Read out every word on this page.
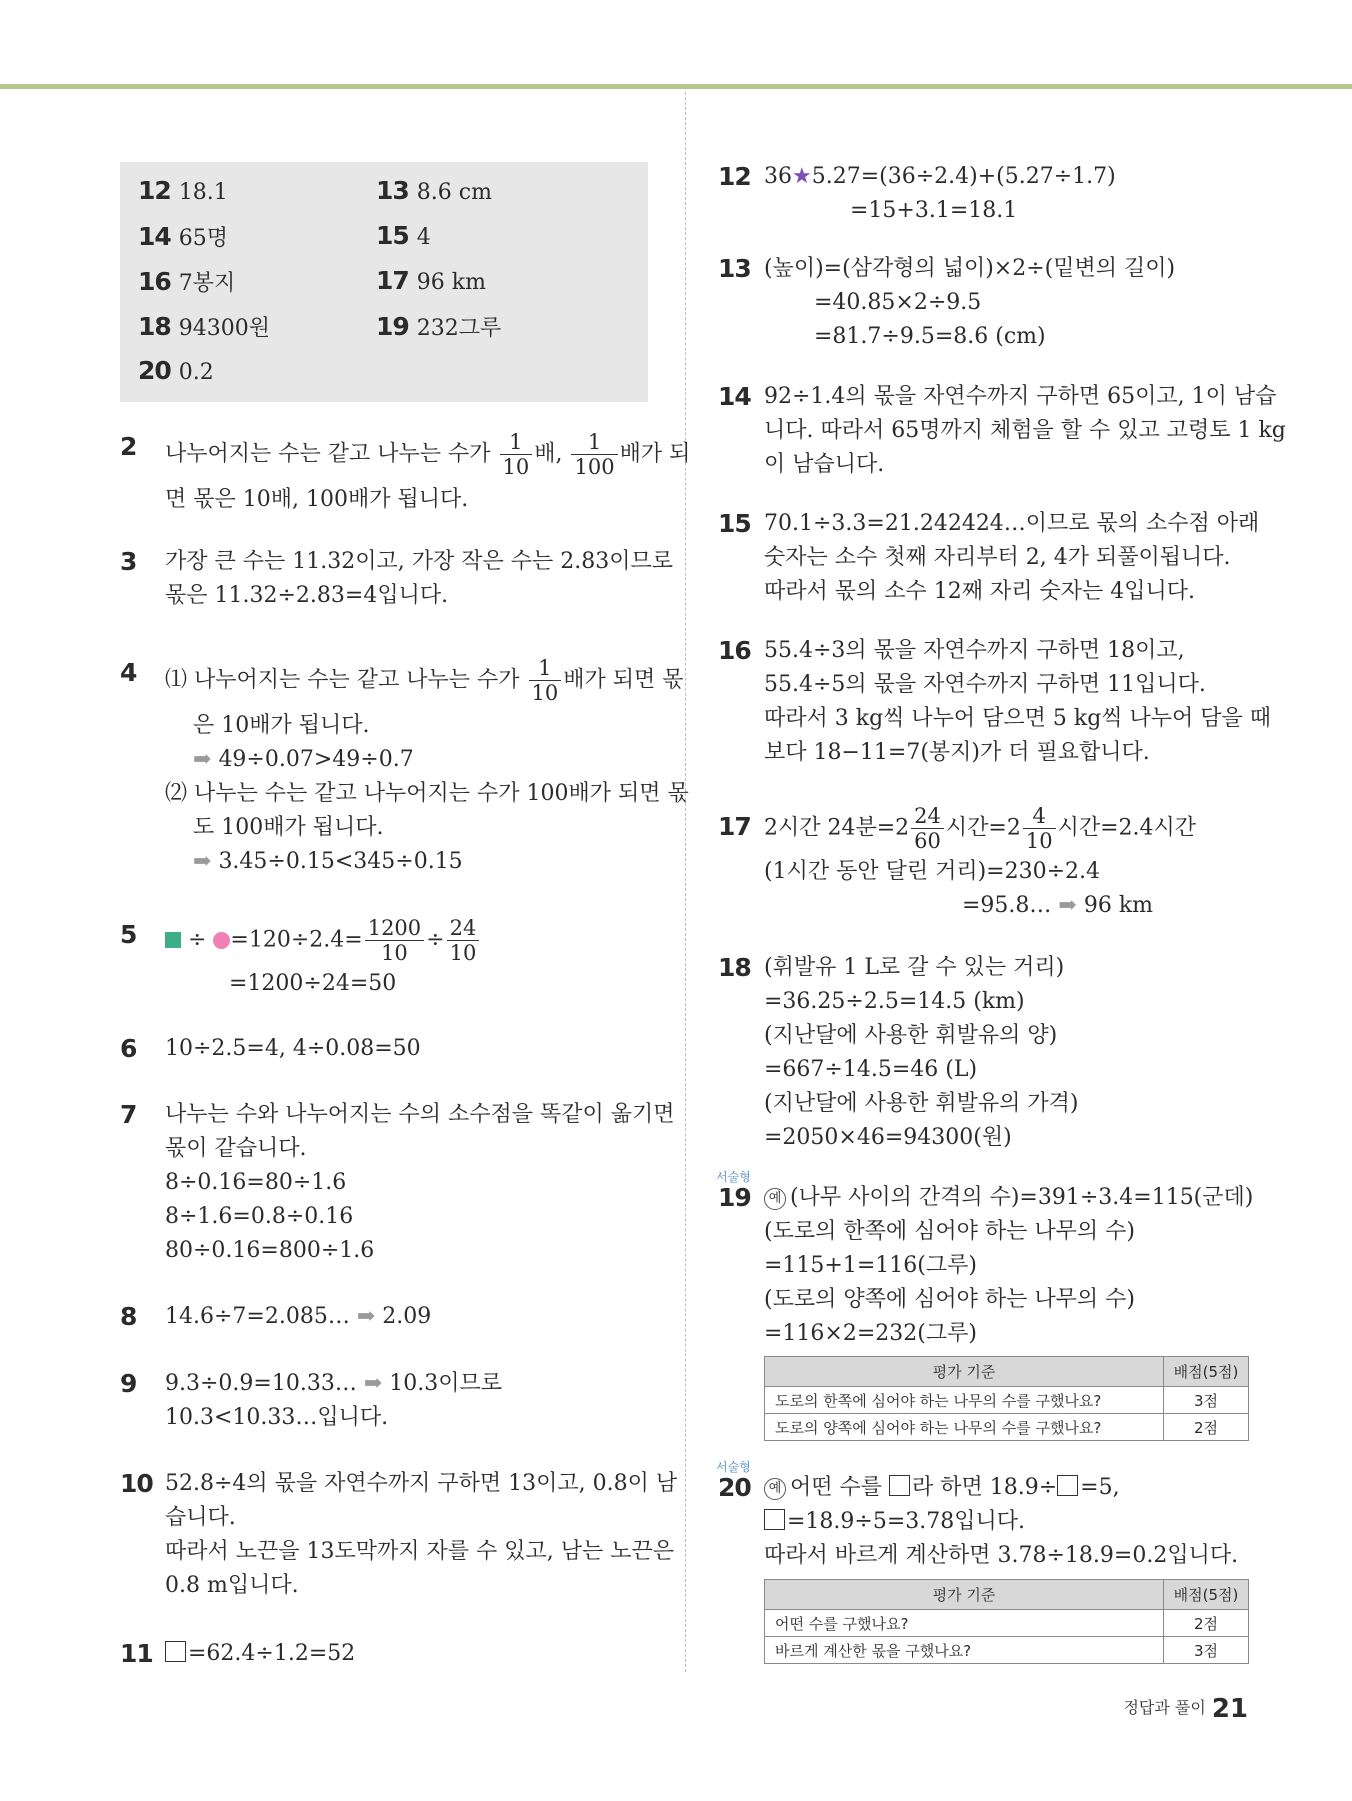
12 18.1	13 8.6 cm
14 65명	15 4
16 7봉지	17 96 km
18 94300원	19 232그루
20 0.2
2 나누어지는 수는 같고 나누는 수가 $\frac{1}{10}$ 배, $\frac{1}{100}$ 배가 되
면 몫은 10배, 100배가 됩니다.
3 가장 큰 수는 11.32이고, 가장 작은 수는 2.83이므로
몫은 11.32÷2.83=4입니다.
4 ⑴ 나누어지는 수는 같고 나누는 수가 $\frac{1}{10}$ 배가 되면 몫
은 10배가 됩니다.
➡ 49÷0.07>49÷0.7
⑵ 나누는 수는 같고 나누어지는 수가 100배가 되면 몫
도 100배가 됩니다.
➡ 3.45÷0.15<345÷0.15
5	÷ $=120\div 2.4= \frac{1200}{10} \div \frac{24}{10}$
=1200÷24=50
6 10÷2.5=4, 4÷0.08=50
7 나누는 수와 나누어지는 수의 소수점을 똑같이 옮기면
몫이 같습니다.
8÷0.16=80÷1.6
8÷1.6=0.8÷0.16
80÷0.16=800÷1.6
8 14.6÷7=2.085… ➡ 2.09
9 9.3÷0.9=10.33… ➡ 10.3이므로
10.3<10.33…입니다.
10 52.8÷4의 몫을 자연수까지 구하면 13이고, 0.8이 남
습니다.
따라서 노끈을 13도막까지 자를 수 있고, 남는 노끈은
0.8 m입니다.
11	=62.4÷1.2=52
12 36★5.27=(36÷2.4)+(5.27÷1.7)
=15+3.1=18.1
13 (높이)=(삼각형의 넓이)×2÷(밑변의 길이)
=40.85×2÷9.5
=81.7÷9.5=8.6 (cm)
14 92÷1.4의 몫을 자연수까지 구하면 65이고, 1이 남습
니다. 따라서 65명까지 체험을 할 수 있고 고령토 1 kg
이 남습니다.
15 70.1÷3.3=21.242424…이므로 몫의 소수점 아래
숫자는 소수 첫째 자리부터 2, 4가 되풀이됩니다.
따라서 몫의 소수 12째 자리 숫자는 4입니다.
16 55.4÷3의 몫을 자연수까지 구하면 18이고,
55.4÷5의 몫을 자연수까지 구하면 11입니다.
따라서 3 kg씩 나누어 담으면 5 kg씩 나누어 담을 때
보다 18−11=7(봉지)가 더 필요합니다.
17 2시간 24분$=2 \frac{24}{60}$ 시간$=2 \frac{4}{10}$ 시간=2.4시간
(1시간 동안 달린 거리)=230÷2.4
=95.8… ➡ 96 km
18 (휘발유 1 L로 갈 수 있는 거리)
=36.25÷2.5=14.5 (km)
(지난달에 사용한 휘발유의 양)
=667÷14.5=46 (L)
(지난달에 사용한 휘발유의 가격)
=2050×46=94300(원)
서술형
19	예 (나무 사이의 간격의 수)=391÷3.4=115(군데)
(도로의 한쪽에 심어야 하는 나무의 수)
=115+1=116(그루)
(도로의 양쪽에 심어야 하는 나무의 수)
=116×2=232(그루)
평가 기준	배점(5점)
도로의 한쪽에 심어야 하는 나무의 수를 구했나요?	3점
도로의 양쪽에 심어야 하는 나무의 수를 구했나요?	2점
서술형
20	예 어떤 수를 라 하면 18.9÷ =5,
=18.9÷5=3.78입니다.
따라서 바르게 계산하면 3.78÷18.9=0.2입니다.
평가 기준	배점(5점)
어떤 수를 구했나요?	2점
바르게 계산한 몫을 구했나요?	3점
정답과 풀이 21
